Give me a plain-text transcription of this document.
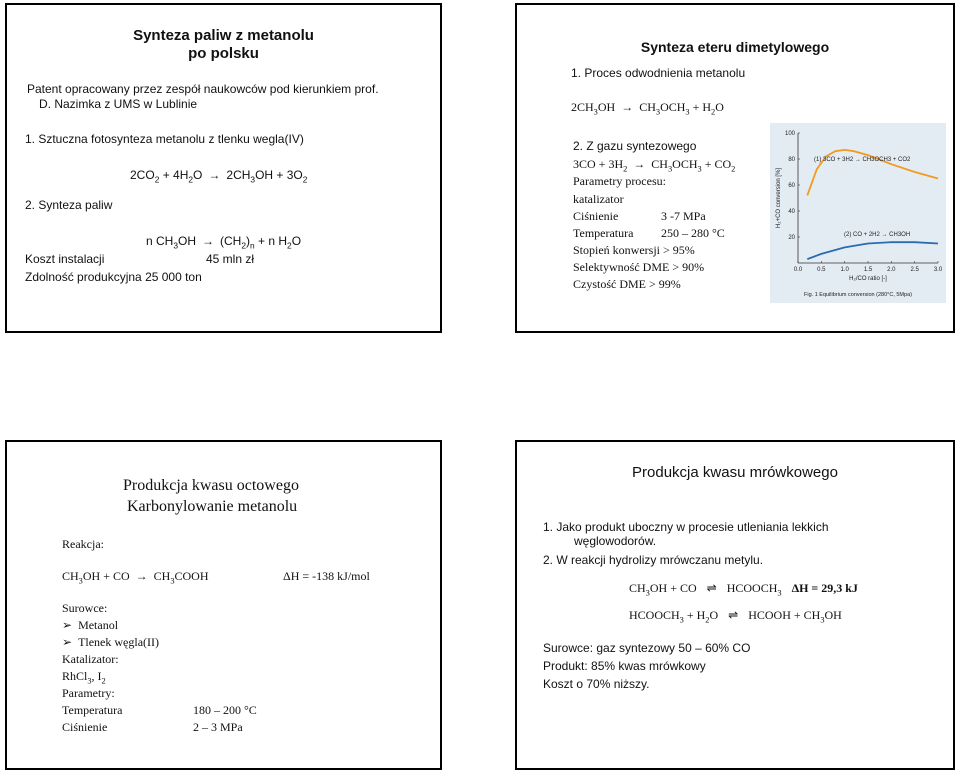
Synteza paliw z metanolu
po polsku
Patent opracowany przez zespół naukowców pod kierunkiem prof.
D. Nazimka z UMS w Lublinie
1. Sztuczna fotosynteza metanolu z tlenku wegla(IV)
$2CO_2 + 4H_2O \to 2CH_3OH + 3O_2$
2. Synteza paliw
n $CH_3OH \to (CH_2)_n + n$ $H_2O$
Koszt instalacji	45 mln zł
Zdolność produkcyjna 25 000 ton
Synteza eteru dimetylowego
1. Proces odwodnienia metanolu
$2CH_3OH \to CH_3OCH_3 + H_2O$
2. Z gazu syntezowego
$3CO + 3H_2 \to CH_3OCH_3 + CO_2$
Parametry procesu:
katalizator
Ciśnienie	3 -7 MPa
Temperatura 250 – 280 °C
Stopień konwersji > 95%
Selektywność DME > 90%
Czystość DME > 99%
0.0 0.5 1.0 1.5 2.0 2.5 3.0
20
40
60
80
100
(1) 3CO + 3H2 → CH3OCH3 + CO2
(2) CO + 2H2 → CH3OH
H₂+CO conversion [%]
H₂/CO ratio [-]
Fig. 1 Equilibrium conversion (280°C, 5Mpa)
Produkcja kwasu octowego
Karbonylowanie metanolu
Reakcja:
$CH_3OH$ + CO → $CH_3COOH$	ΔH = -138 kJ/mol
Surowce:
➢ Metanol
➢ Tlenek węgla(II)
Katalizator:
RhCl$_3$, $I_2$
Parametry:
Temperatura	180 – 200 °C
Ciśnienie	2 – 3 MPa
Produkcja kwasu mrówkowego
1. Jako produkt uboczny w procesie utleniania lekkich
węglowodorów.
2. W reakcji hydrolizy mrówczanu metylu.
$CH_3OH$ + CO ⇌ $HCOOCH_3$ ΔH = 29,3 kJ
$HCOOCH_3 + H_2O$ ⇌ HCOOH + $CH_3OH$
Surowce: gaz syntezowy 50 – 60% CO
Produkt: 85% kwas mrówkowy
Koszt o 70% niższy.
